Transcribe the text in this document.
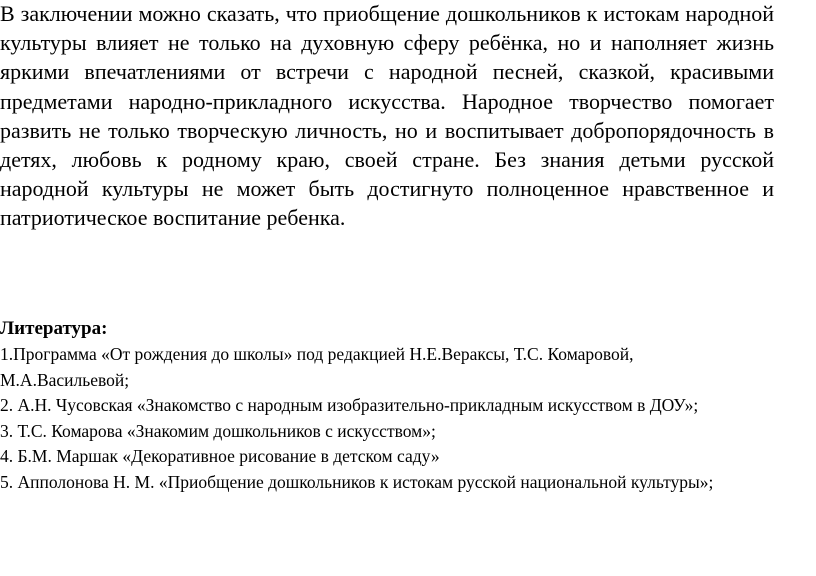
В заключении можно сказать, что приобщение дошкольников к истокам народной культуры влияет не только на духовную сферу ребёнка, но и наполняет жизнь яркими впечатлениями от встречи с народной песней, сказкой, красивыми предметами народно-прикладного искусства. Народное творчество помогает развить не только творческую личность, но и воспитывает добропорядочность в детях, любовь к родному краю, своей стране. Без знания детьми русской народной культуры не может быть достигнуто полноценное нравственное и патриотическое воспитание ребенка.

Литература:
1.Программа «От рождения до школы» под редакцией Н.Е.Вераксы, Т.С. Комаровой, М.А.Васильевой;
2. А.Н. Чусовская «Знакомство с народным изобразительно-прикладным искусством в ДОУ»;
3. Т.С. Комарова «Знакомим дошкольников с искусством»;
4. Б.М. Маршак «Декоративное рисование в детском саду»
5. Апполонова Н. М. «Приобщение дошкольников к истокам русской национальной культуры»;
